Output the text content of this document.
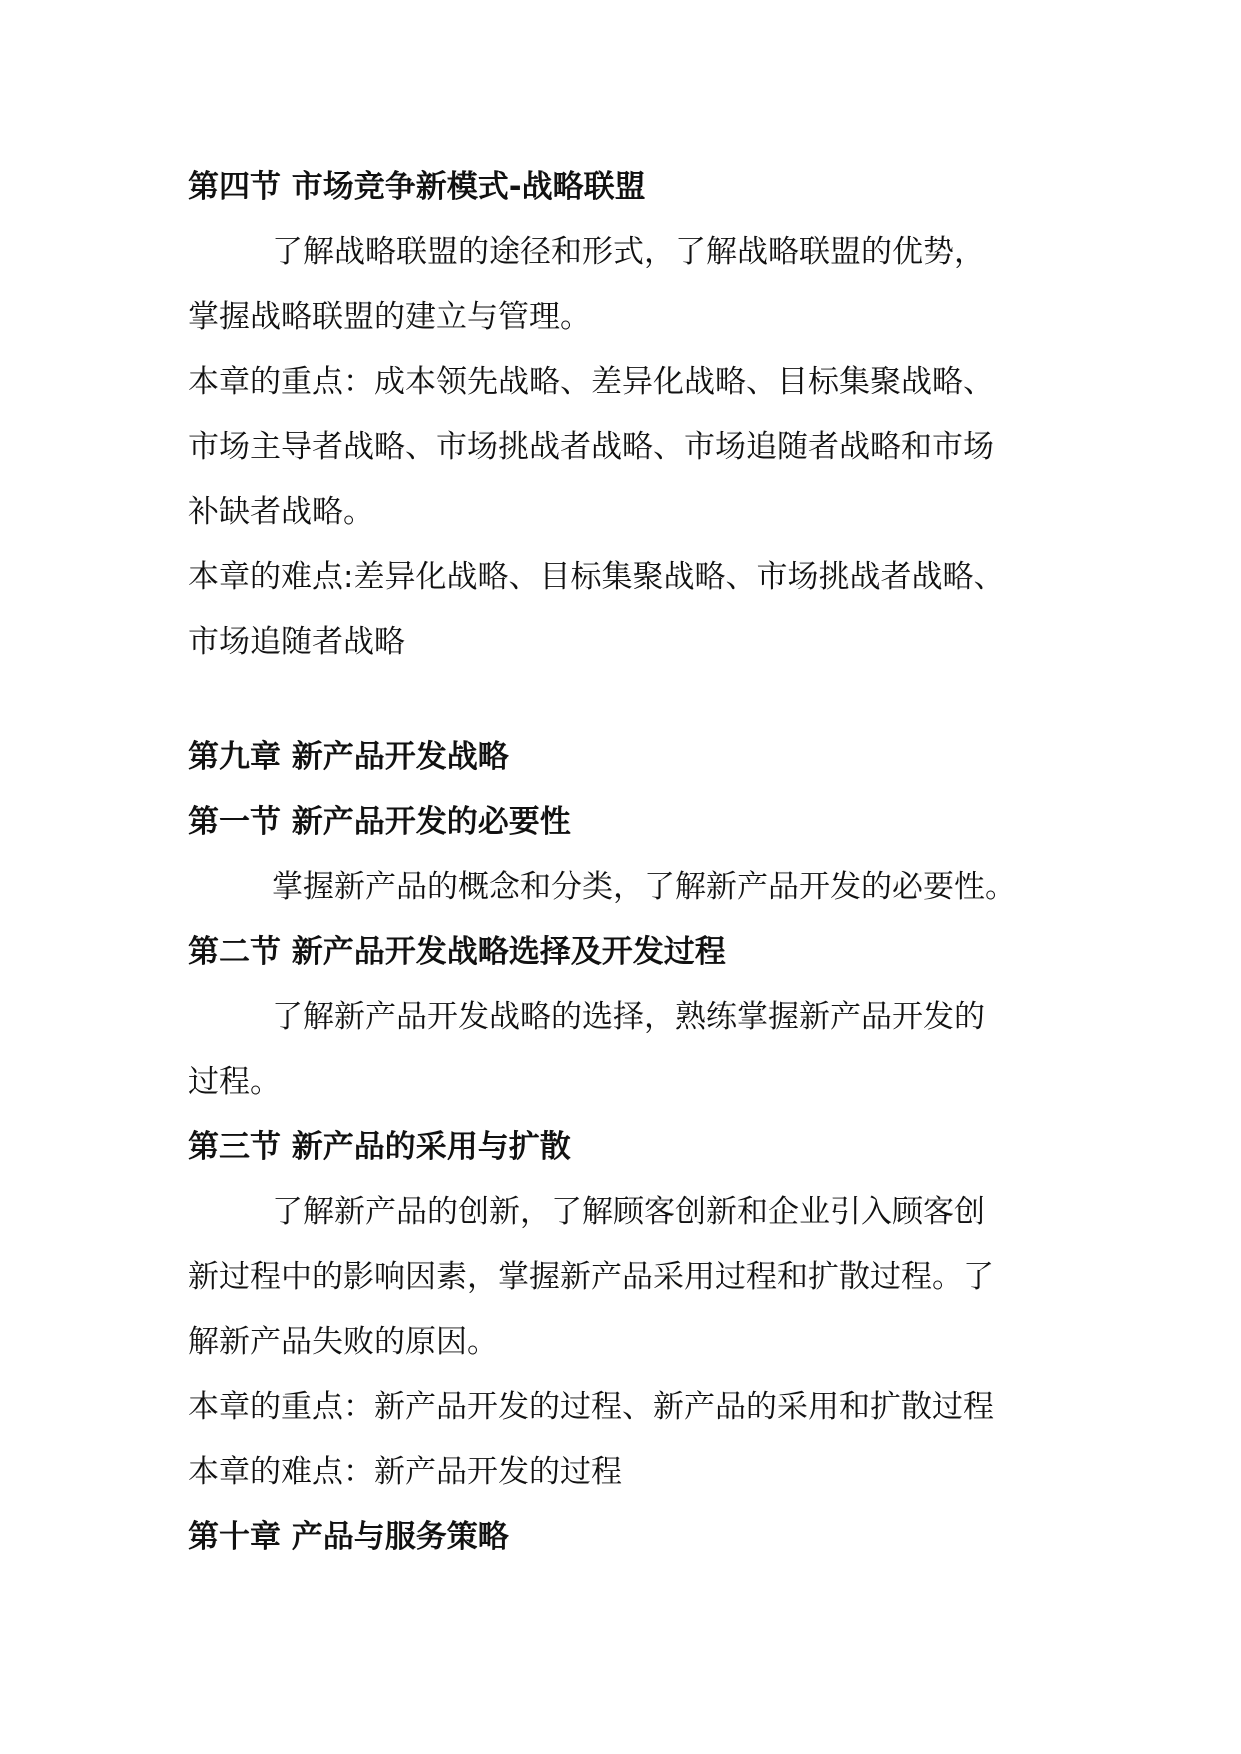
第四节 市场竞争新模式-战略联盟
了解战略联盟的途径和形式，了解战略联盟的优势，
掌握战略联盟的建立与管理。
本章的重点：成本领先战略、差异化战略、目标集聚战略、
市场主导者战略、市场挑战者战略、市场追随者战略和市场
补缺者战略。
本章的难点:差异化战略、目标集聚战略、市场挑战者战略、
市场追随者战略
第九章 新产品开发战略
第一节 新产品开发的必要性
掌握新产品的概念和分类，了解新产品开发的必要性。
第二节 新产品开发战略选择及开发过程
了解新产品开发战略的选择，熟练掌握新产品开发的
过程。
第三节 新产品的采用与扩散
了解新产品的创新，了解顾客创新和企业引入顾客创
新过程中的影响因素，掌握新产品采用过程和扩散过程。了
解新产品失败的原因。
本章的重点：新产品开发的过程、新产品的采用和扩散过程
本章的难点：新产品开发的过程
第十章 产品与服务策略
